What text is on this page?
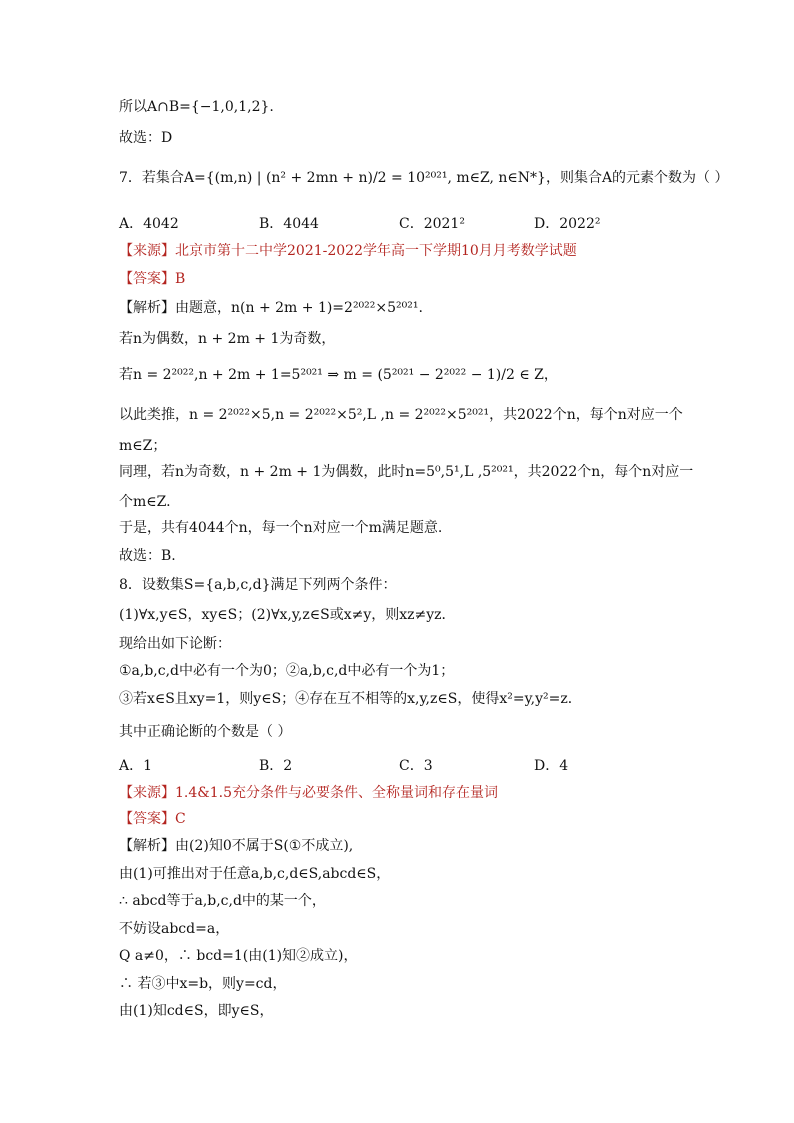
所以A∩B={−1,0,1,2}.
故选：D
7．若集合A={(m,n) | (n² + 2mn + n)/2 = 10²⁰²¹, m∈Z, n∈N*}，则集合A的元素个数为（ ）
A．4042	B．4044	C．2021²	D．2022²
【来源】北京市第十二中学2021-2022学年高一下学期10月月考数学试题
【答案】B
【解析】由题意，n(n + 2m + 1)=2²⁰²²×5²⁰²¹.
若n为偶数，n + 2m + 1为奇数，
若n = 2²⁰²²,n + 2m + 1=5²⁰²¹ ⇒ m = (5²⁰²¹ − 2²⁰²² − 1)/2 ∈ Z，
以此类推，n = 2²⁰²²×5,n = 2²⁰²²×5²,L ,n = 2²⁰²²×5²⁰²¹，共2022个n，每个n对应一个
m∈Z；
同理，若n为奇数，n + 2m + 1为偶数，此时n=5⁰,5¹,L ,5²⁰²¹，共2022个n，每个n对应一
个m∈Z.
于是，共有4044个n，每一个n对应一个m满足题意.
故选：B.
8．设数集S={a,b,c,d}满足下列两个条件：
(1)∀x,y∈S，xy∈S；(2)∀x,y,z∈S或x≠y，则xz≠yz．
现给出如下论断：
①a,b,c,d中必有一个为0；②a,b,c,d中必有一个为1；
③若x∈S且xy=1，则y∈S；④存在互不相等的x,y,z∈S，使得x²=y,y²=z．
其中正确论断的个数是（ ）
A．1	B．2	C．3	D．4
【来源】1.4&1.5充分条件与必要条件、全称量词和存在量词
【答案】C
【解析】由(2)知0不属于S(①不成立),
由(1)可推出对于任意a,b,c,d∈S,abcd∈S，
∴ abcd等于a,b,c,d中的某一个，
不妨设abcd=a，
Q a≠0，∴ bcd=1(由(1)知②成立)，
∴ 若③中x=b，则y=cd，
由(1)知cd∈S，即y∈S，
